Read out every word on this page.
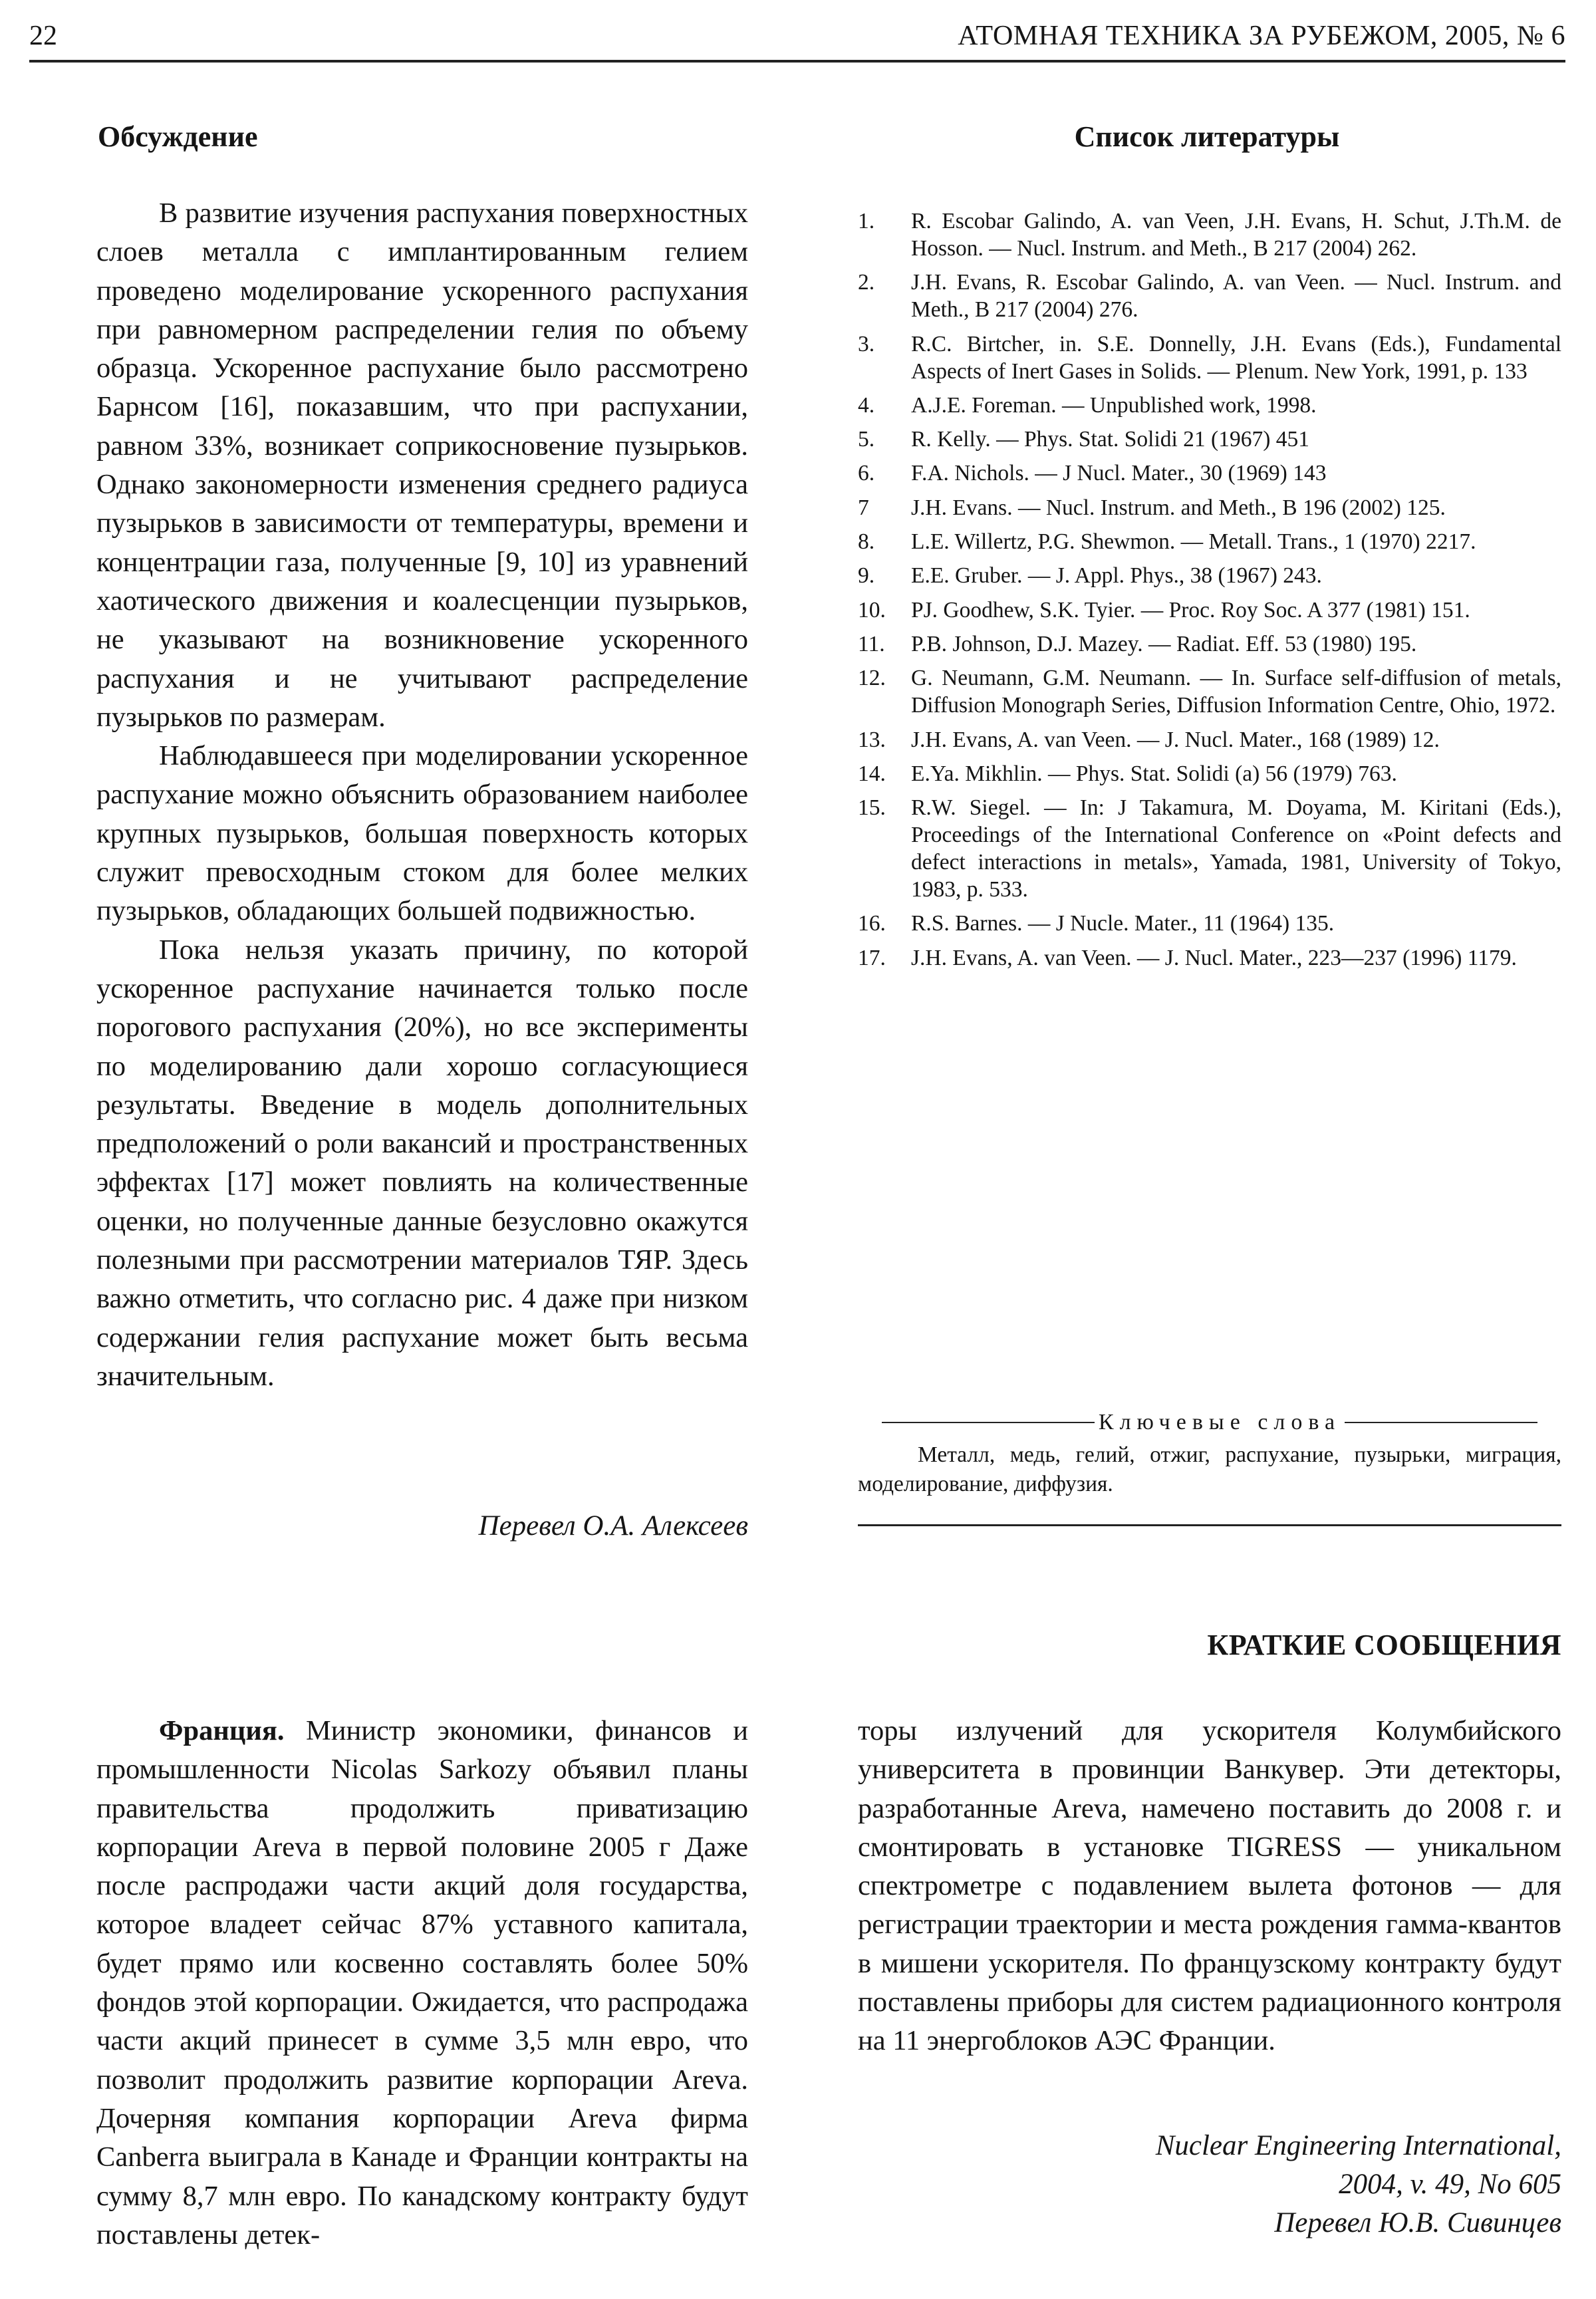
22	АТОМНАЯ ТЕХНИКА ЗА РУБЕЖОМ, 2005, № 6
Обсуждение

В развитие изучения распухания поверхностных слоев металла с имплантированным гелием проведено моделирование ускоренного распухания при равномерном распределении гелия по объему образца. Ускоренное распухание было рассмотрено Барнсом [16], показавшим, что при распухании, равном 33%, возникает соприкосновение пузырьков. Однако закономерности изменения среднего радиуса пузырьков в зависимости от температуры, времени и концентрации газа, полученные [9, 10] из уравнений хаотического движения и коалесценции пузырьков, не указывают на возникновение ускоренного распухания и не учитывают распределение пузырьков по размерам.

Наблюдавшееся при моделировании ускоренное распухание можно объяснить образованием наиболее крупных пузырьков, большая поверхность которых служит превосходным стоком для более мелких пузырьков, обладающих большей подвижностью.

Пока нельзя указать причину, по которой ускоренное распухание начинается только после порогового распухания (20%), но все эксперименты по моделированию дали хорошо согласующиеся результаты. Введение в модель дополнительных предположений о роли вакансий и пространственных эффектах [17] может повлиять на количественные оценки, но полученные данные безусловно окажутся полезными при рассмотрении материалов ТЯР. Здесь важно отметить, что согласно рис. 4 даже при низком содержании гелия распухание может быть весьма значительным.

Перевел О.А. Алексеев
Список литературы
1. R. Escobar Galindo, A. van Veen, J.H. Evans, H. Schut, J.Th.M. de Hosson. — Nucl. Instrum. and Meth., B 217 (2004) 262.
2. J.H. Evans, R. Escobar Galindo, A. van Veen. — Nucl. Instrum. and Meth., B 217 (2004) 276.
3. R.C. Birtcher, in. S.E. Donnelly, J.H. Evans (Eds.), Fundamental Aspects of Inert Gases in Solids. — Plenum. New York, 1991, p. 133
4. A.J.E. Foreman. — Unpublished work, 1998.
5. R. Kelly. — Phys. Stat. Solidi 21 (1967) 451
6. F.A. Nichols. — J Nucl. Mater., 30 (1969) 143
7 J.H. Evans. — Nucl. Instrum. and Meth., B 196 (2002) 125.
8. L.E. Willertz, P.G. Shewmon. — Metall. Trans., 1 (1970) 2217.
9. E.E. Gruber. — J. Appl. Phys., 38 (1967) 243.
10. PJ. Goodhew, S.K. Tyier. — Proc. Roy Soc. A 377 (1981) 151.
11. P.B. Johnson, D.J. Mazey. — Radiat. Eff. 53 (1980) 195.
12. G. Neumann, G.M. Neumann. — In. Surface self-diffusion of metals, Diffusion Monograph Series, Diffusion Information Centre, Ohio, 1972.
13. J.H. Evans, A. van Veen. — J. Nucl. Mater., 168 (1989) 12.
14. E.Ya. Mikhlin. — Phys. Stat. Solidi (a) 56 (1979) 763.
15. R.W. Siegel. — In: J Takamura, M. Doyama, M. Kiritani (Eds.), Proceedings of the International Conference on «Point defects and defect interactions in metals», Yamada, 1981, University of Tokyo, 1983, p. 533.
16. R.S. Barnes. — J Nucle. Mater., 11 (1964) 135.
17. J.H. Evans, A. van Veen. — J. Nucl. Mater., 223—237 (1996) 1179.
Ключевые слова
Металл, медь, гелий, отжиг, распухание, пузырьки, миграция, моделирование, диффузия.
КРАТКИЕ СООБЩЕНИЯ

Франция. Министр экономики, финансов и промышленности Nicolas Sarkozy объявил планы правительства продолжить приватизацию корпорации Areva в первой половине 2005 г Даже после распродажи части акций доля государства, которое владеет сейчас 87% уставного капитала, будет прямо или косвенно составлять более 50% фондов этой корпорации. Ожидается, что распродажа части акций принесет в сумме 3,5 млн евро, что позволит продолжить развитие корпорации Areva. Дочерняя компания корпорации Areva фирма Canberra выиграла в Канаде и Франции контракты на сумму 8,7 млн евро. По канадскому контракту будут поставлены детек-

торы излучений для ускорителя Колумбийского университета в провинции Ванкувер. Эти детекторы, разработанные Areva, намечено поставить до 2008 г. и смонтировать в установке TIGRESS — уникальном спектрометре с подавлением вылета фотонов — для регистрации траектории и места рождения гамма-квантов в мишени ускорителя. По французскому контракту будут поставлены приборы для систем радиационного контроля на 11 энергоблоков АЭС Франции.

Nuclear Engineering International,
2004, v. 49, No 605
Перевел Ю.В. Сивинцев
